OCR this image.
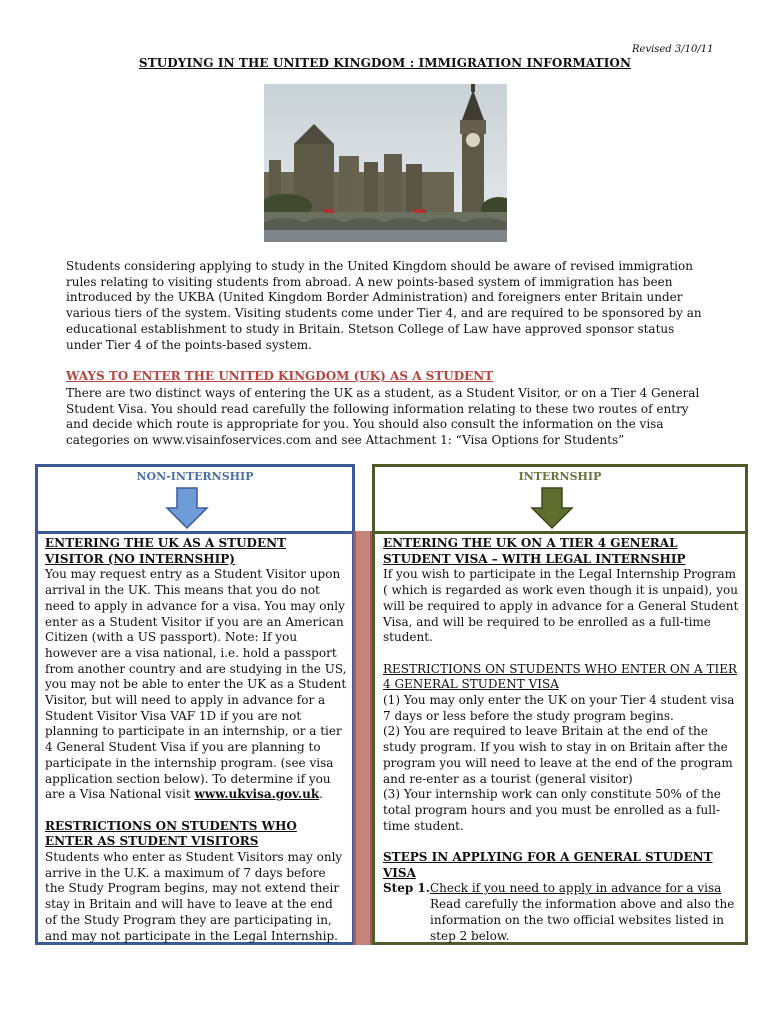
Revised 3/10/11
STUDYING IN THE UNITED KINGDOM : IMMIGRATION INFORMATION
Students considering applying to study in the United Kingdom should be aware of revised immigration rules relating to visiting students from abroad. A new points-based system of immigration has been introduced by the UKBA (United Kingdom Border Administration) and foreigners enter Britain under various tiers of the system. Visiting students come under Tier 4, and are required to be sponsored by an educational establishment to study in Britain. Stetson College of Law have approved sponsor status under Tier 4 of the points-based system.
WAYS TO ENTER THE UNITED KINGDOM (UK) AS A STUDENT
There are two distinct ways of entering the UK as a student, as a Student Visitor, or on a Tier 4 General Student Visa. You should read carefully the following information relating to these two routes of entry and decide which route is appropriate for you. You should also consult the information on the visa categories on www.visainfoservices.com and see Attachment 1: “Visa Options for Students”
NON-INTERNSHIP	INTERNSHIP
ENTERING THE UK AS A STUDENT VISITOR (NO INTERNSHIP)
You may request entry as a Student Visitor upon arrival in the UK. This means that you do not need to apply in advance for a visa. You may only enter as a Student Visitor if you are an American Citizen (with a US passport). Note: If you however are a visa national, i.e. hold a passport from another country and are studying in the US, you may not be able to enter the UK as a Student Visitor, but will need to apply in advance for a Student Visitor Visa VAF 1D if you are not planning to participate in an internship, or a tier 4 General Student Visa if you are planning to participate in the internship program. (see visa application section below). To determine if you are a Visa National visit www.ukvisa.gov.uk.
RESTRICTIONS ON STUDENTS WHO ENTER AS STUDENT VISITORS
Students who enter as Student Visitors may only arrive in the U.K. a maximum of 7 days before the Study Program begins, may not extend their stay in Britain and will have to leave at the end of the Study Program they are participating in, and may not participate in the Legal Internship.
ENTERING THE UK ON A TIER 4 GENERAL STUDENT VISA – WITH LEGAL INTERNSHIP
If you wish to participate in the Legal Internship Program ( which is regarded as work even though it is unpaid), you will be required to apply in advance for a General Student Visa, and will be required to be enrolled as a full-time student.
RESTRICTIONS ON STUDENTS WHO ENTER ON A TIER 4 GENERAL STUDENT VISA
(1) You may only enter the UK on your Tier 4 student visa 7 days or less before the study program begins.
(2) You are required to leave Britain at the end of the study program. If you wish to stay in on Britain after the program you will need to leave at the end of the program and re-enter as a tourist (general visitor)
(3) Your internship work can only constitute 50% of the total program hours and you must be enrolled as a full-time student.
STEPS IN APPLYING FOR A GENERAL STUDENT VISA
Step 1. Check if you need to apply in advance for a visa
Read carefully the information above and also the information on the two official websites listed in step 2 below.
